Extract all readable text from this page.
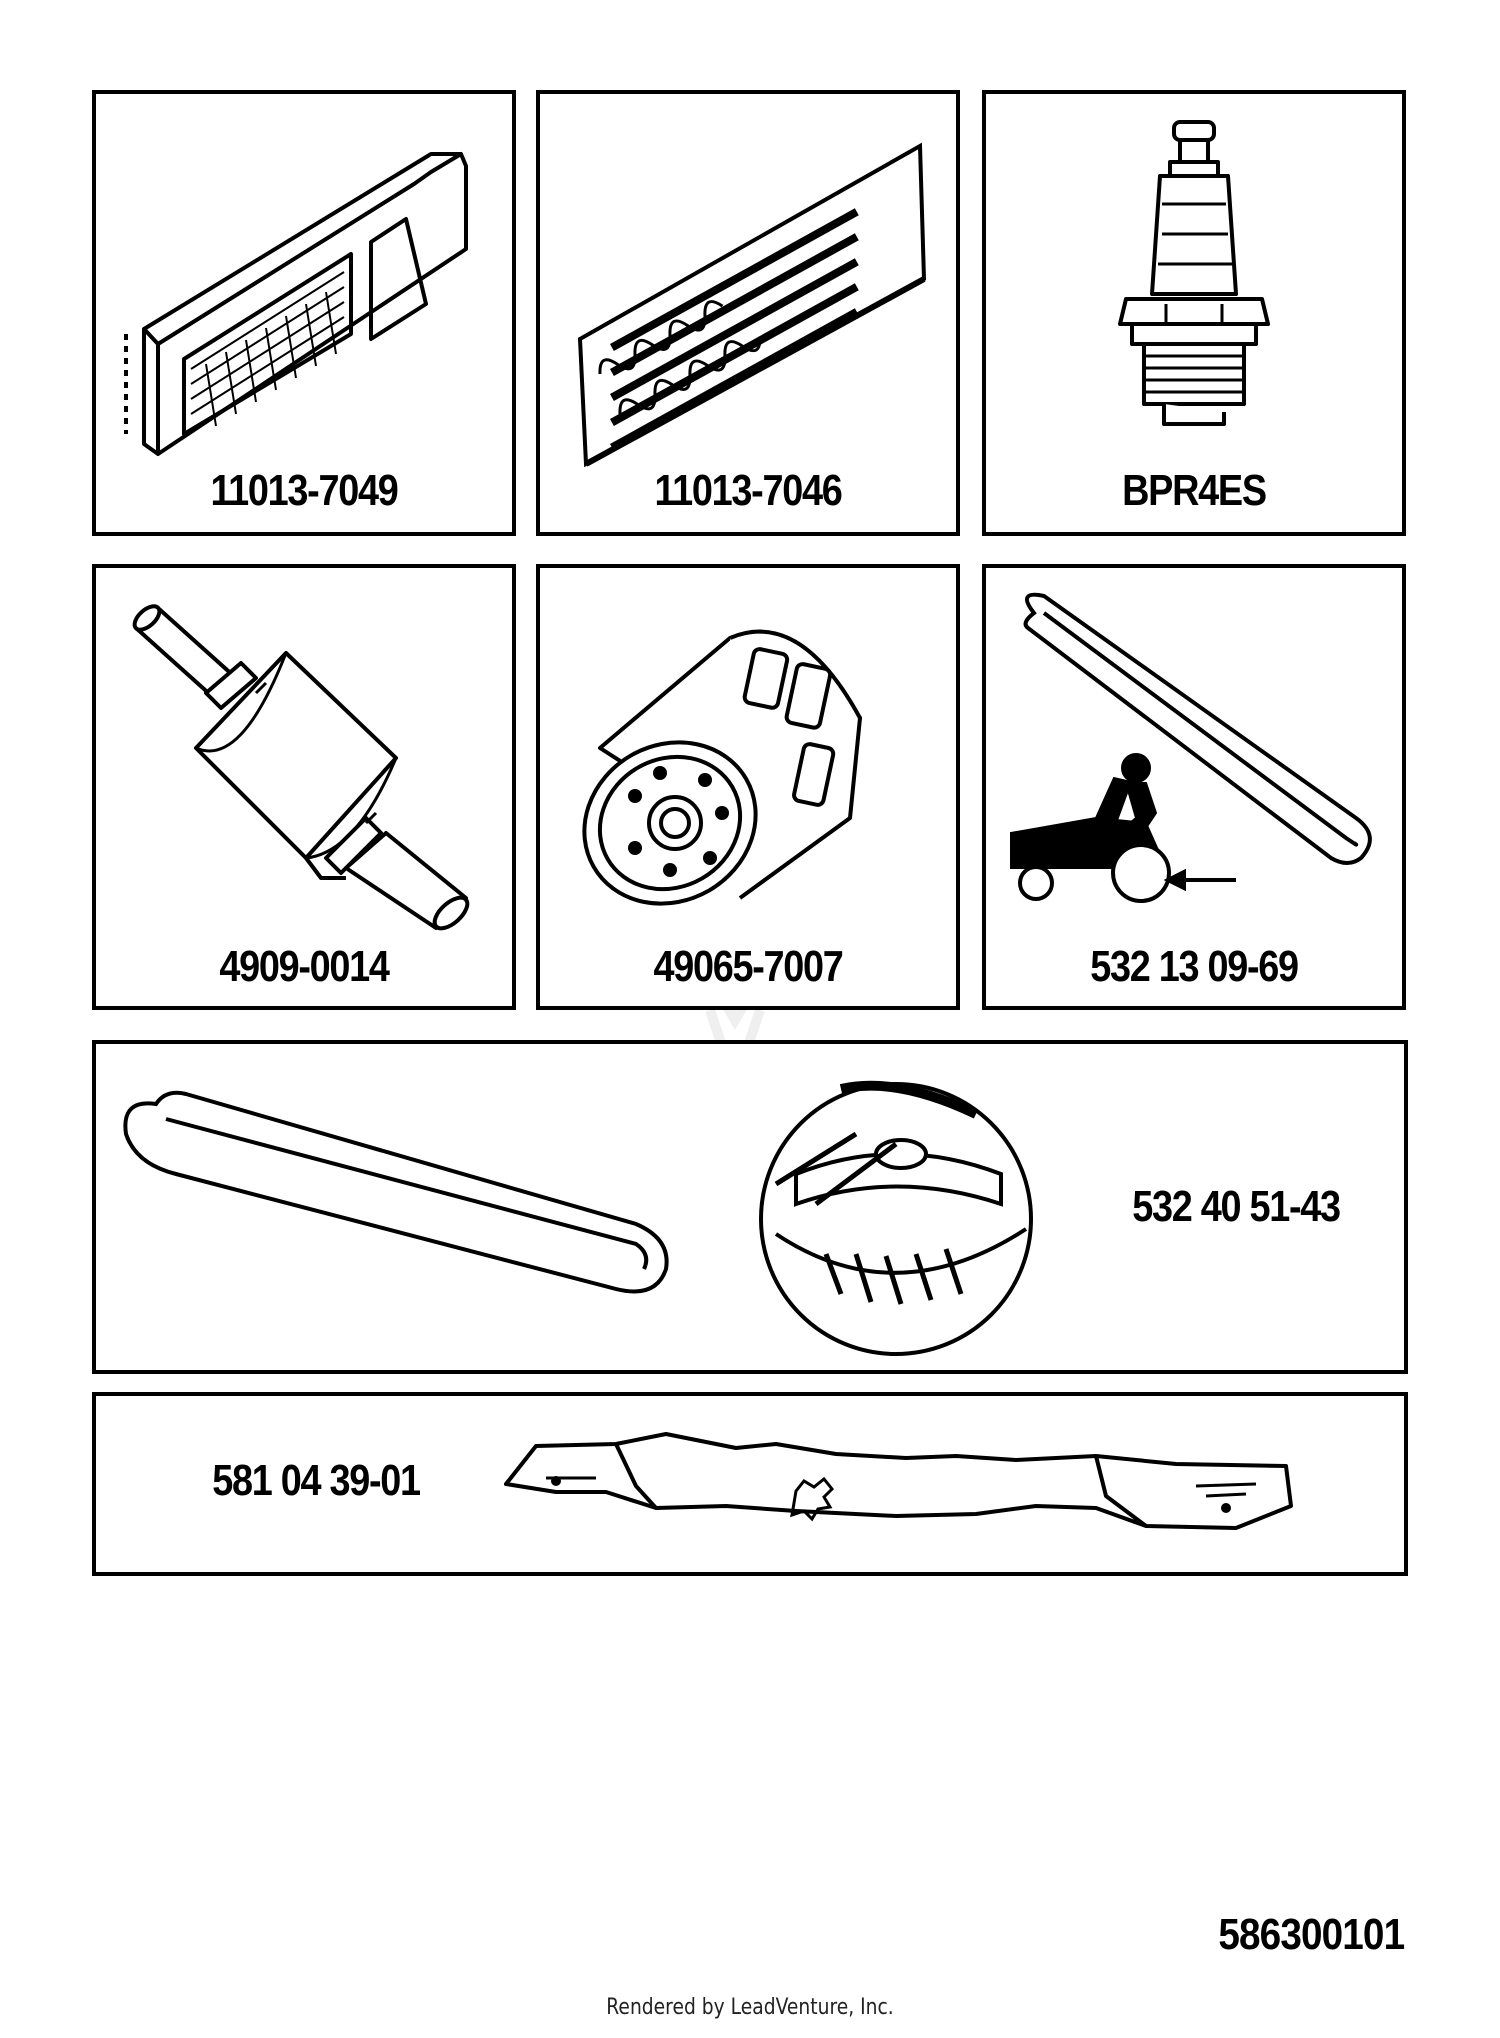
11013-7049	11013-7046	BPR4ES
4909-0014	49065-7007	532 13 09-69
532 40 51-43
581 04 39-01
586300101
Rendered by LeadVenture, Inc.
